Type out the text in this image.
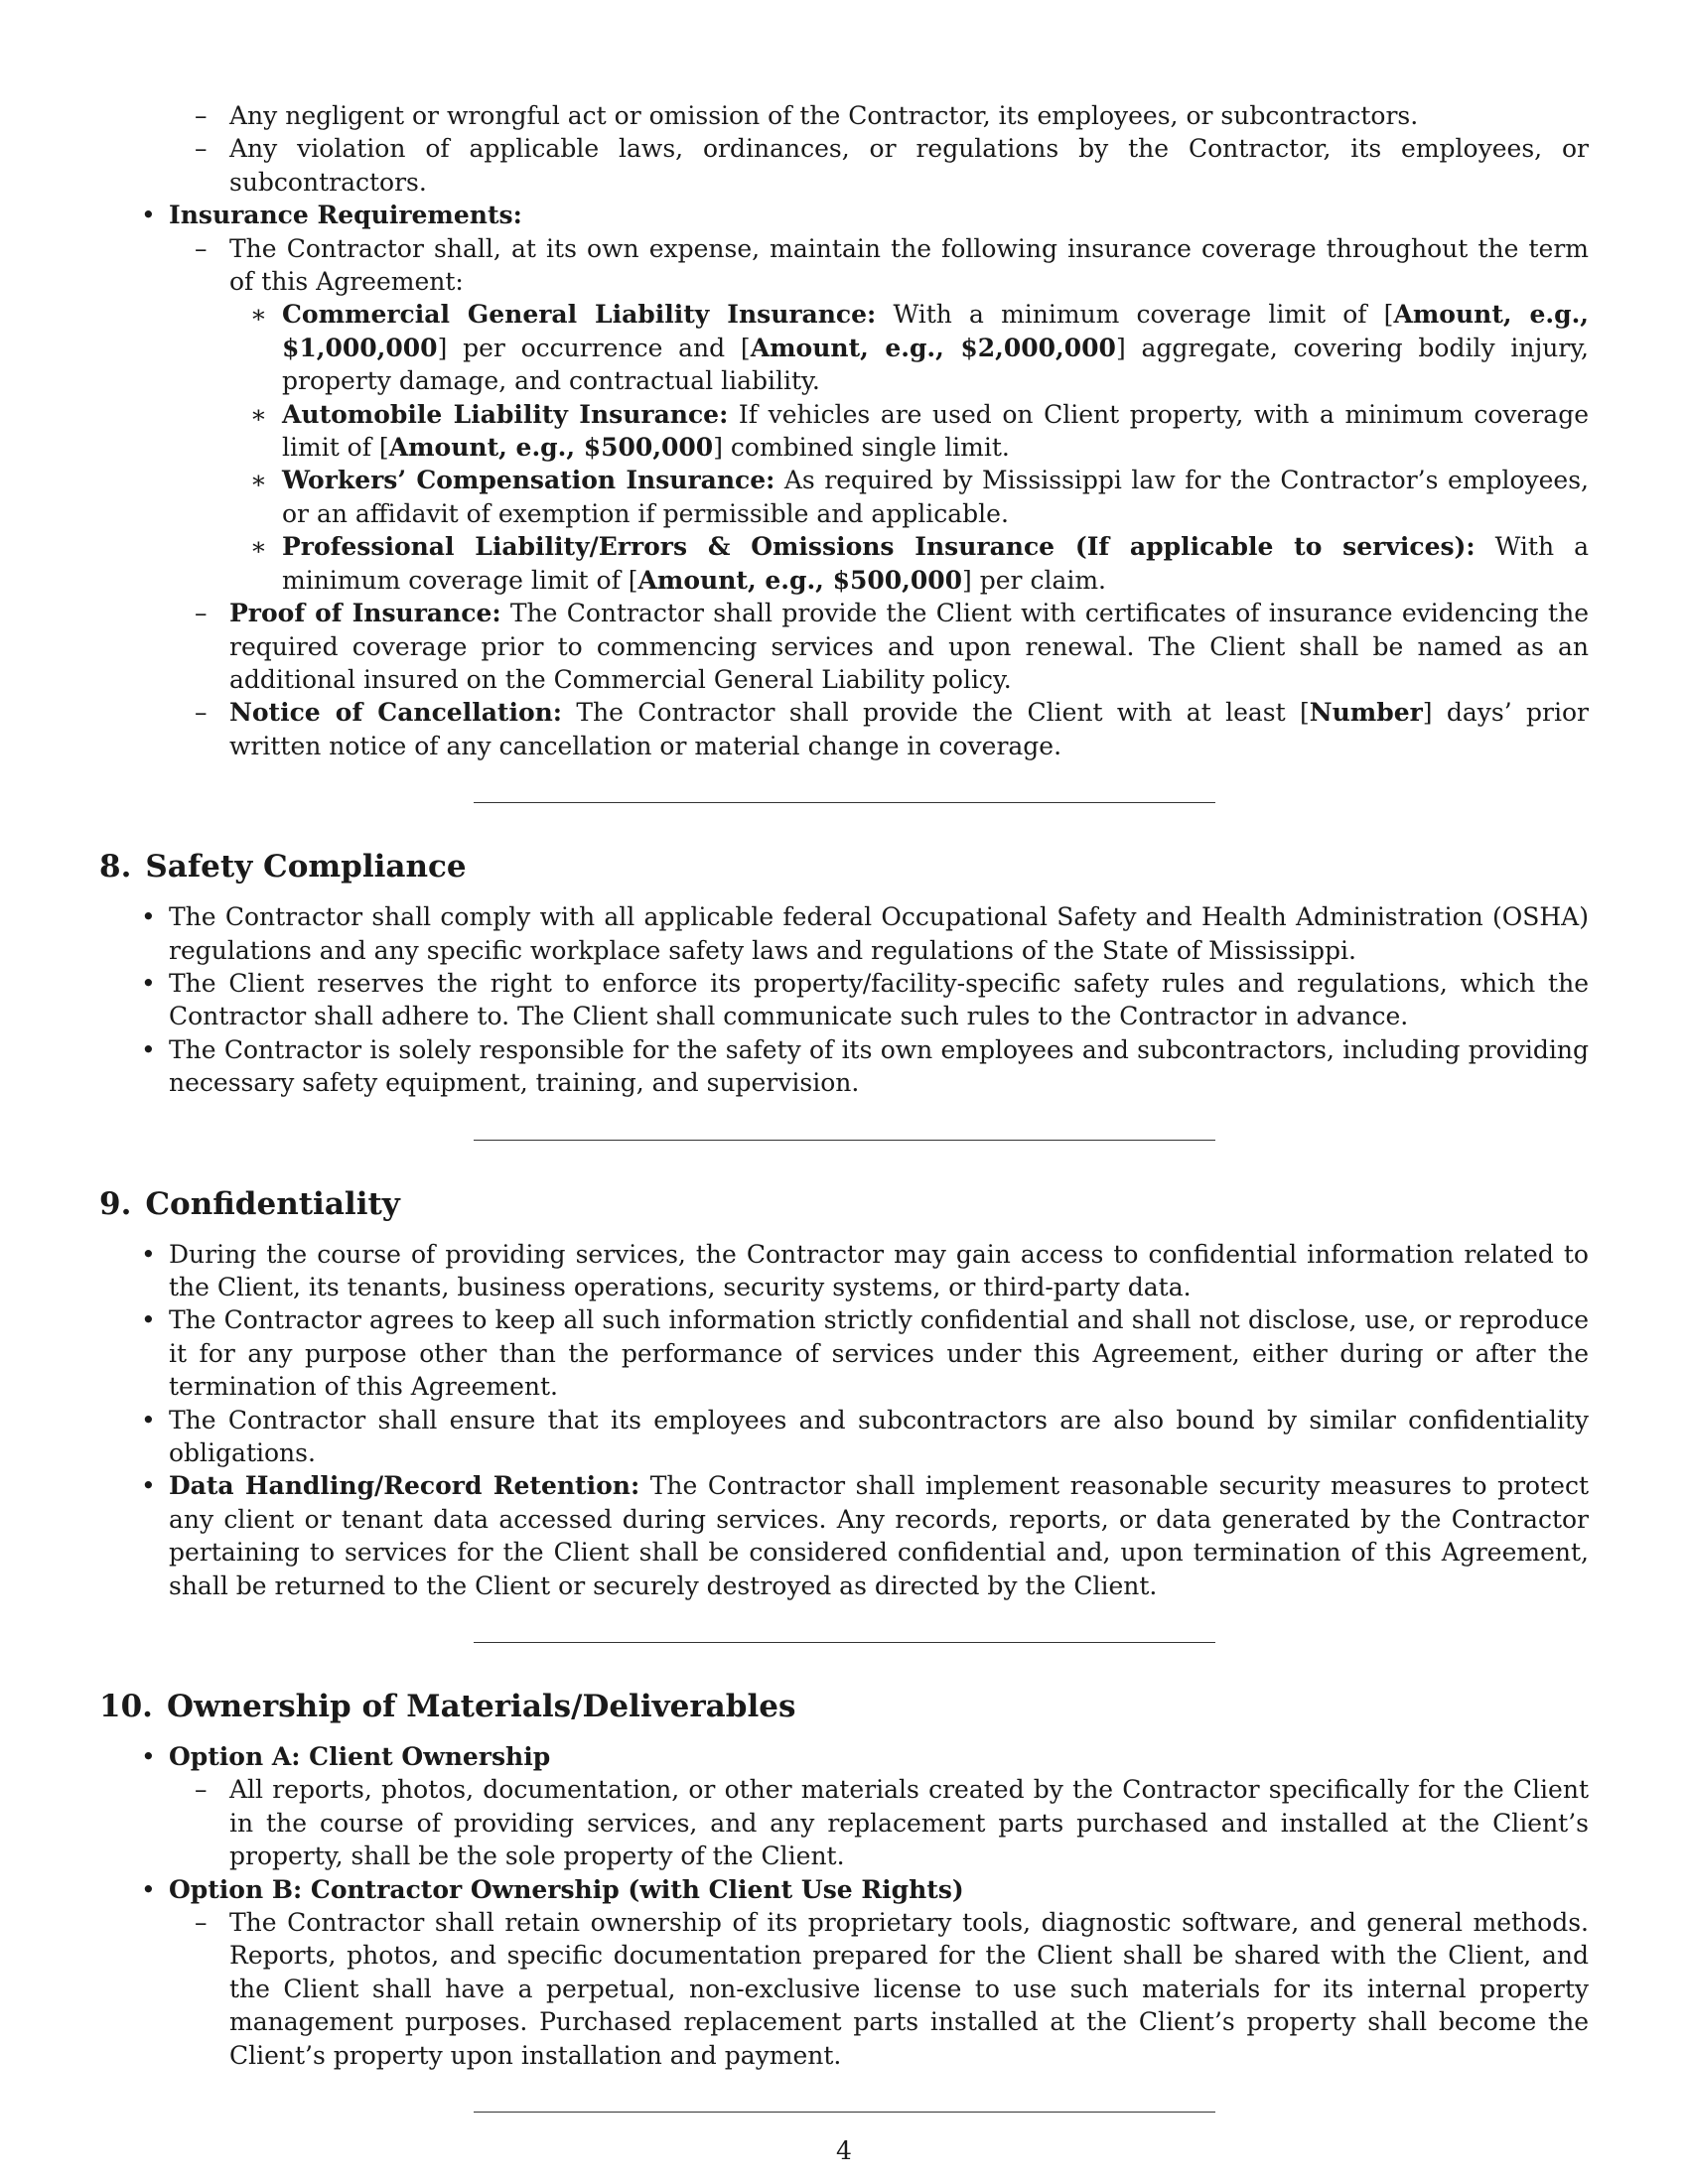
– Any negligent or wrongful act or omission of the Contractor, its employees, or subcontractors.
– Any violation of applicable laws, ordinances, or regulations by the Contractor, its employees, or subcontractors.
• Insurance Requirements:
– The Contractor shall, at its own expense, maintain the following insurance coverage throughout the term of this Agreement:
∗ Commercial General Liability Insurance: With a minimum coverage limit of [Amount, e.g., $1,000,000] per occurrence and [Amount, e.g., $2,000,000] aggregate, covering bodily injury, property damage, and contractual liability.
∗ Automobile Liability Insurance: If vehicles are used on Client property, with a minimum coverage limit of [Amount, e.g., $500,000] combined single limit.
∗ Workers’ Compensation Insurance: As required by Mississippi law for the Contractor’s employees, or an affidavit of exemption if permissible and applicable.
∗ Professional Liability/Errors & Omissions Insurance (If applicable to services): With a minimum coverage limit of [Amount, e.g., $500,000] per claim.
– Proof of Insurance: The Contractor shall provide the Client with certificates of insurance evidencing the required coverage prior to commencing services and upon renewal. The Client shall be named as an additional insured on the Commercial General Liability policy.
– Notice of Cancellation: The Contractor shall provide the Client with at least [Number] days’ prior written notice of any cancellation or material change in coverage.
8. Safety Compliance
• The Contractor shall comply with all applicable federal Occupational Safety and Health Administration (OSHA) regulations and any specific workplace safety laws and regulations of the State of Mississippi.
• The Client reserves the right to enforce its property/facility-specific safety rules and regulations, which the Contractor shall adhere to. The Client shall communicate such rules to the Contractor in advance.
• The Contractor is solely responsible for the safety of its own employees and subcontractors, including providing necessary safety equipment, training, and supervision.
9. Confidentiality
• During the course of providing services, the Contractor may gain access to confidential information related to the Client, its tenants, business operations, security systems, or third-party data.
• The Contractor agrees to keep all such information strictly confidential and shall not disclose, use, or reproduce it for any purpose other than the performance of services under this Agreement, either during or after the termination of this Agreement.
• The Contractor shall ensure that its employees and subcontractors are also bound by similar confidentiality obligations.
• Data Handling/Record Retention: The Contractor shall implement reasonable security measures to protect any client or tenant data accessed during services. Any records, reports, or data generated by the Contractor pertaining to services for the Client shall be considered confidential and, upon termination of this Agreement, shall be returned to the Client or securely destroyed as directed by the Client.
10. Ownership of Materials/Deliverables
• Option A: Client Ownership
– All reports, photos, documentation, or other materials created by the Contractor specifically for the Client in the course of providing services, and any replacement parts purchased and installed at the Client’s property, shall be the sole property of the Client.
• Option B: Contractor Ownership (with Client Use Rights)
– The Contractor shall retain ownership of its proprietary tools, diagnostic software, and general methods. Reports, photos, and specific documentation prepared for the Client shall be shared with the Client, and the Client shall have a perpetual, non-exclusive license to use such materials for its internal property management purposes. Purchased replacement parts installed at the Client’s property shall become the Client’s property upon installation and payment.
4
